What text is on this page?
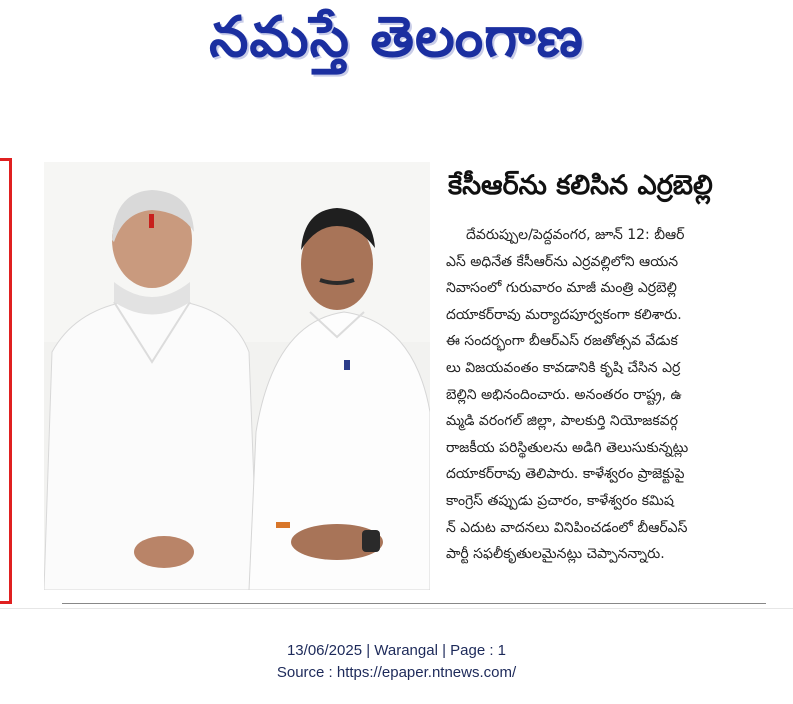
నమస్తే తెలంగాణ
కేసీఆర్‌ను కలిసిన ఎర్రబెల్లి
దేవరుప్పుల/పెద్దవంగర, జూన్ 12: బీఆర్
ఎస్ అధినేత కేసీఆర్‌ను ఎర్రవల్లిలోని ఆయన
నివాసంలో గురువారం మాజీ మంత్రి ఎర్రబెల్లి
దయాకర్‌రావు మర్యాదపూర్వకంగా కలిశారు.
ఈ సందర్భంగా బీఆర్‌ఎస్ రజతోత్సవ వేడుక
లు విజయవంతం కావడానికి కృషి చేసిన ఎర్ర
బెల్లిని అభినందించారు. అనంతరం రాష్ట్ర, ఉ
మ్మడి వరంగల్ జిల్లా, పాలకుర్తి నియోజకవర్గ
రాజకీయ పరిస్థితులను అడిగి తెలుసుకున్నట్లు
దయాకర్‌రావు తెలిపారు. కాళేశ్వరం ప్రాజెక్టుపై
కాంగ్రెస్ తప్పుడు ప్రచారం, కాళేశ్వరం కమిష
న్ ఎదుట వాదనలు వినిపించడంలో బీఆర్‌ఎస్
పార్టీ సఫలీకృతులమైనట్లు చెప్పానన్నారు.
13/06/2025 | Warangal | Page : 1
Source : https://epaper.ntnews.com/
